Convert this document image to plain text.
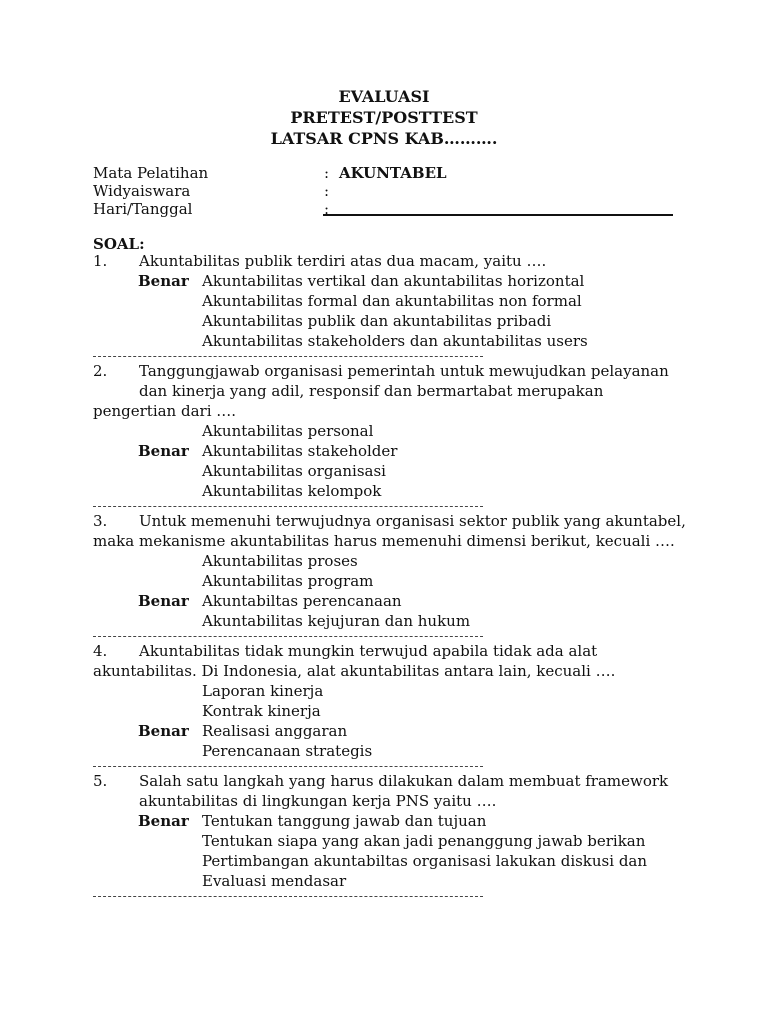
EVALUASI
PRETEST/POSTTEST
LATSAR CPNS KAB……….
Mata Pelatihan	: AKUNTABEL
Widyaiswara	:
Hari/Tanggal	:
SOAL:
1. Akuntabilitas publik terdiri atas dua macam, yaitu ….
Benar Akuntabilitas vertikal dan akuntabilitas horizontal
Akuntabilitas formal dan akuntabilitas non formal
Akuntabilitas publik dan akuntabilitas pribadi
Akuntabilitas stakeholders dan akuntabilitas users
2. Tanggungjawab organisasi pemerintah untuk mewujudkan pelayanan
dan kinerja yang adil, responsif dan bermartabat merupakan
pengertian dari ….
Akuntabilitas personal
Benar Akuntabilitas stakeholder
Akuntabilitas organisasi
Akuntabilitas kelompok
3. Untuk memenuhi terwujudnya organisasi sektor publik yang akuntabel,
maka mekanisme akuntabilitas harus memenuhi dimensi berikut, kecuali ….
Akuntabilitas proses
Akuntabilitas program
Benar Akuntabiltas perencanaan
Akuntabilitas kejujuran dan hukum
4. Akuntabilitas tidak mungkin terwujud apabila tidak ada alat
akuntabilitas. Di Indonesia, alat akuntabilitas antara lain, kecuali ….
Laporan kinerja
Kontrak kinerja
Benar Realisasi anggaran
Perencanaan strategis
5. Salah satu langkah yang harus dilakukan dalam membuat framework
akuntabilitas di lingkungan kerja PNS yaitu ….
Benar Tentukan tanggung jawab dan tujuan
Tentukan siapa yang akan jadi penanggung jawab berikan
Pertimbangan akuntabiltas organisasi lakukan diskusi dan
Evaluasi mendasar
